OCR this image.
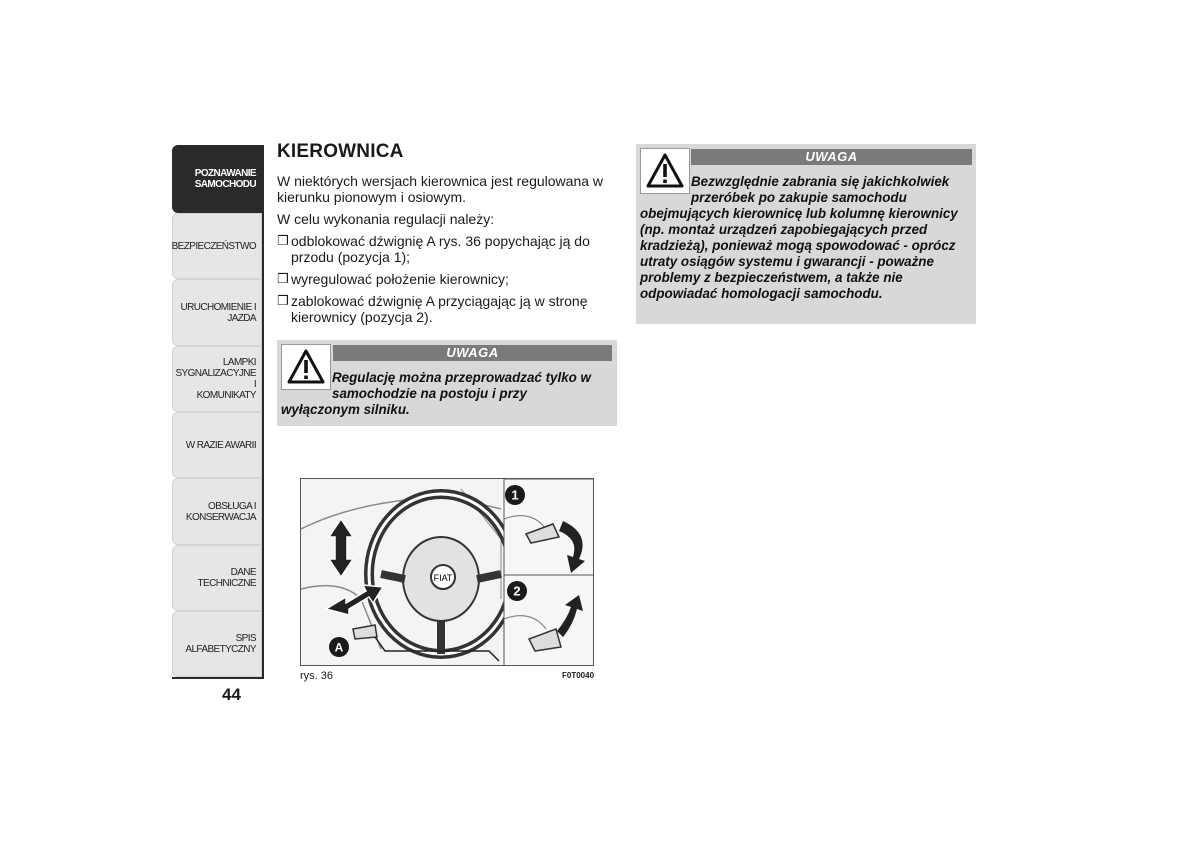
POZNAWANIE
SAMOCHODU
BEZPIECZEŃSTWO
URUCHOMIENIE I
JAZDA
LAMPKI
SYGNALIZACYJNE I
KOMUNIKATY
W RAZIE AWARII
OBSŁUGA I
KONSERWACJA
DANE TECHNICZNE
SPIS ALFABETYCZNY
44
KIEROWNICA

W niektórych wersjach kierownica jest regulowana w kierunku pionowym i osiowym.

W celu wykonania regulacji należy:

❒ odblokować dźwignię A rys. 36 popychając ją do przodu (pozycja 1);
❒ wyregulować położenie kierownicy;
❒ zablokować dźwignię A przyciągając ją w stronę kierownicy (pozycja 2).
UWAGA
Regulację można przeprowadzać tylko w
samochodzie na postoju i przy
wyłączonym silniku.
UWAGA
Bezwzględnie zabrania się jakichkolwiek
przeróbek po zakupie samochodu
obejmujących kierownicę lub kolumnę kierownicy (np. montaż urządzeń zapobiegających przed kradzieżą), ponieważ mogą spowodować - oprócz utraty osiągów systemu i gwarancji - poważne problemy z bezpieczeństwem, a także nie odpowiadać homologacji samochodu.
FIAT
1
2
A
rys. 36	F0T0040
